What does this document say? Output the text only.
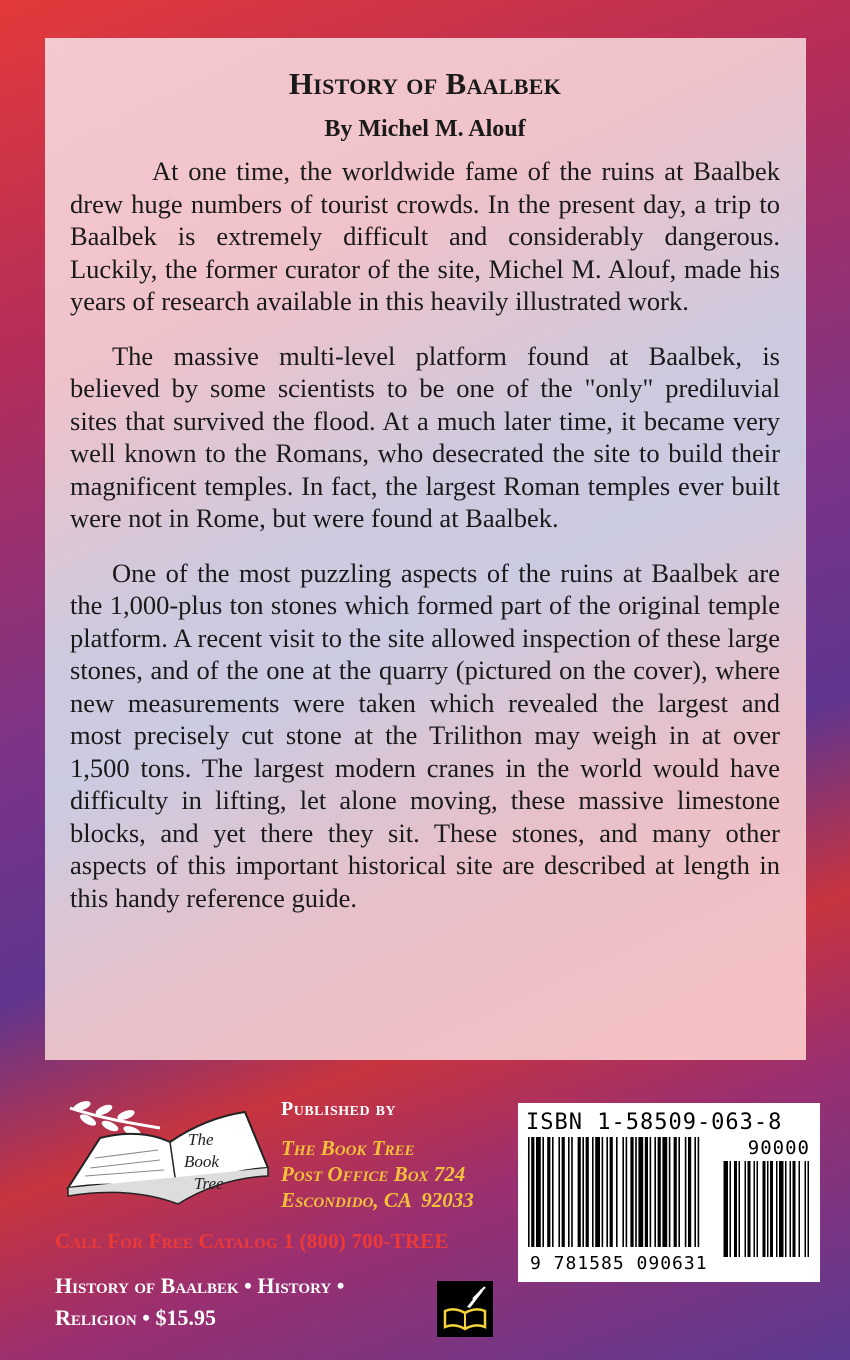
History of Baalbek
By Michel M. Alouf

At one time, the worldwide fame of the ruins at Baalbek drew huge numbers of tourist crowds. In the present day, a trip to Baalbek is extremely difficult and considerably dangerous. Luckily, the former curator of the site, Michel M. Alouf, made his years of research available in this heavily illustrated work.

The massive multi-level platform found at Baalbek, is believed by some scientists to be one of the "only" prediluvial sites that survived the flood. At a much later time, it became very well known to the Romans, who desecrated the site to build their magnificent temples. In fact, the largest Roman temples ever built were not in Rome, but were found at Baalbek.

One of the most puzzling aspects of the ruins at Baalbek are the 1,000-plus ton stones which formed part of the original temple platform. A recent visit to the site allowed inspection of these large stones, and of the one at the quarry (pictured on the cover), where new measurements were taken which revealed the largest and most precisely cut stone at the Trilithon may weigh in at over 1,500 tons. The largest modern cranes in the world would have difficulty in lifting, let alone moving, these massive limestone blocks, and yet there they sit. These stones, and many other aspects of this important historical site are described at length in this handy reference guide.

The
Book
Tree
Published by
The Book Tree
Post Office Box 724
Escondido, CA  92033
Call For Free Catalog 1 (800) 700-TREE
History of Baalbek • History •
Religion • $15.95
ISBN 1-58509-063-8
90000
9 781585 090631
